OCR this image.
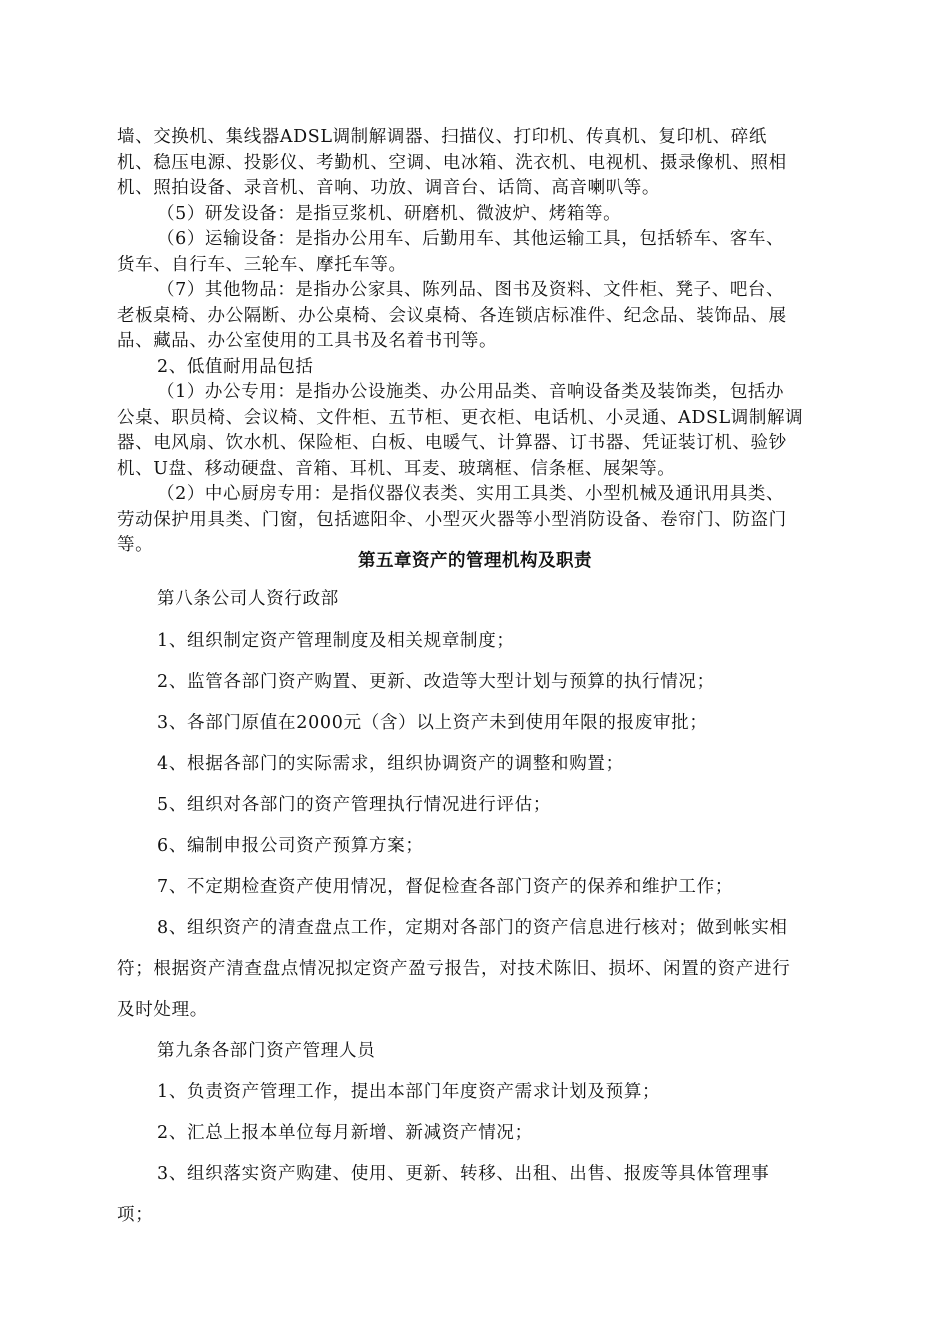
墙、交换机、集线器ADSL调制解调器、扫描仪、打印机、传真机、复印机、碎纸
机、稳压电源、投影仪、考勤机、空调、电冰箱、洗衣机、电视机、摄录像机、照相
机、照拍设备、录音机、音响、功放、调音台、话筒、高音喇叭等。
（5）研发设备：是指豆浆机、研磨机、微波炉、烤箱等。
（6）运输设备：是指办公用车、后勤用车、其他运输工具，包括轿车、客车、
货车、自行车、三轮车、摩托车等。
（7）其他物品：是指办公家具、陈列品、图书及资料、文件柜、凳子、吧台、
老板桌椅、办公隔断、办公桌椅、会议桌椅、各连锁店标准件、纪念品、装饰品、展
品、藏品、办公室使用的工具书及名着书刊等。
2、低值耐用品包括
（1）办公专用：是指办公设施类、办公用品类、音响设备类及装饰类，包括办
公桌、职员椅、会议椅、文件柜、五节柜、更衣柜、电话机、小灵通、ADSL调制解调
器、电风扇、饮水机、保险柜、白板、电暖气、计算器、订书器、凭证装订机、验钞
机、U盘、移动硬盘、音箱、耳机、耳麦、玻璃框、信条框、展架等。
（2）中心厨房专用：是指仪器仪表类、实用工具类、小型机械及通讯用具类、
劳动保护用具类、门窗，包括遮阳伞、小型灭火器等小型消防设备、卷帘门、防盗门
等。
第五章资产的管理机构及职责
第八条公司人资行政部
1、组织制定资产管理制度及相关规章制度；
2、监管各部门资产购置、更新、改造等大型计划与预算的执行情况；
3、各部门原值在2000元（含）以上资产未到使用年限的报废审批；
4、根据各部门的实际需求，组织协调资产的调整和购置；
5、组织对各部门的资产管理执行情况进行评估；
6、编制申报公司资产预算方案；
7、不定期检查资产使用情况，督促检查各部门资产的保养和维护工作；
8、组织资产的清查盘点工作，定期对各部门的资产信息进行核对；做到帐实相
符；根据资产清查盘点情况拟定资产盈亏报告，对技术陈旧、损坏、闲置的资产进行
及时处理。
第九条各部门资产管理人员
1、负责资产管理工作，提出本部门年度资产需求计划及预算；
2、汇总上报本单位每月新增、新减资产情况；
3、组织落实资产购建、使用、更新、转移、出租、出售、报废等具体管理事
项；
